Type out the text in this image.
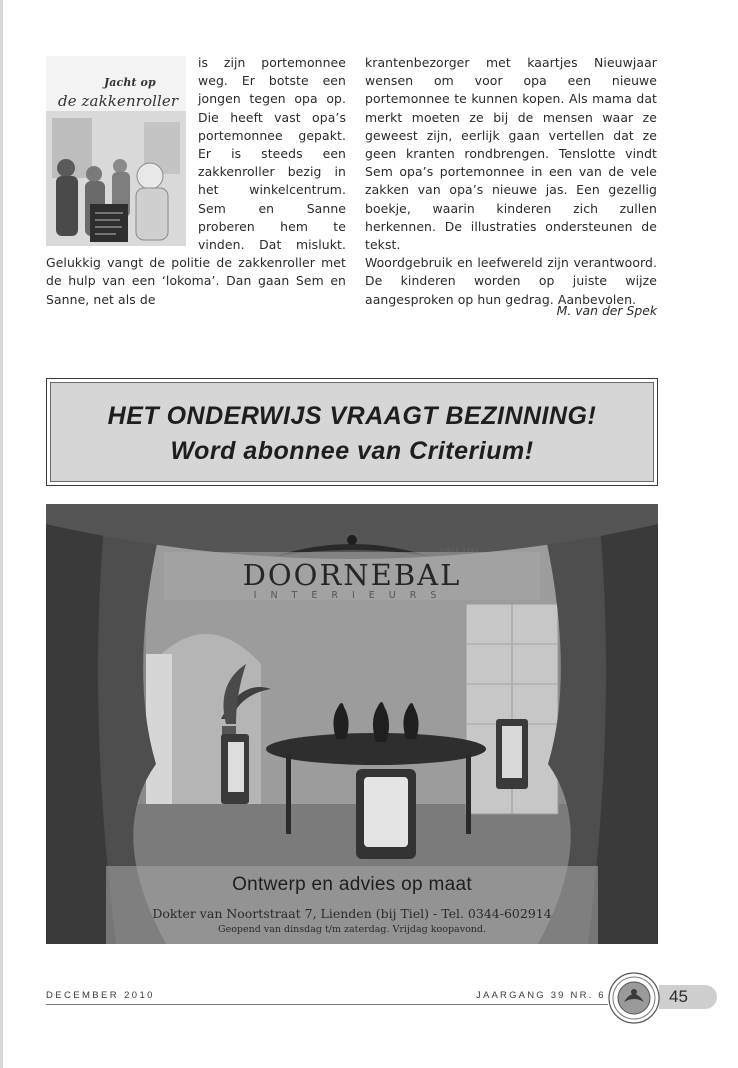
Jacht op
de zakkenroller

is zijn portemonnee weg. Er botste een jongen tegen opa op. Die heeft vast opa’s portemonnee gepakt. Er is steeds een zakkenroller bezig in het winkelcentrum. Sem en Sanne proberen hem te vinden. Dat mislukt. Gelukkig vangt de politie de zakkenroller met de hulp van een ‘lokoma’. Dan gaan Sem en Sanne, net als de

krantenbezorger met kaartjes Nieuwjaar wensen om voor opa een nieuwe portemonnee te kunnen kopen. Als mama dat merkt moeten ze bij de mensen waar ze geweest zijn, eerlijk gaan vertellen dat ze geen kranten rondbrengen. Tenslotte vindt Sem opa’s portemonnee in een van de vele zakken van opa’s nieuwe jas. Een gezellig boekje, waarin kinderen zich zullen herkennen. De illustraties ondersteunen de tekst.

Woordgebruik en leefwereld zijn verantwoord. De kinderen worden op juiste wijze aangesproken op hun gedrag. Aanbevolen.

M. van der Spek
HET ONDERWIJS VRAAGT BEZINNING!
Word abonnee van Criterium!
SINCE 1892
DOORNEBAL
INTERIEURS
Ontwerp en advies op maat
Dokter van Noortstraat 7, Lienden (bij Tiel) - Tel. 0344-602914
Geopend van dinsdag t/m zaterdag. Vrijdag koopavond.
DECEMBER 2010	JAARGANG 39 NR. 6	45
